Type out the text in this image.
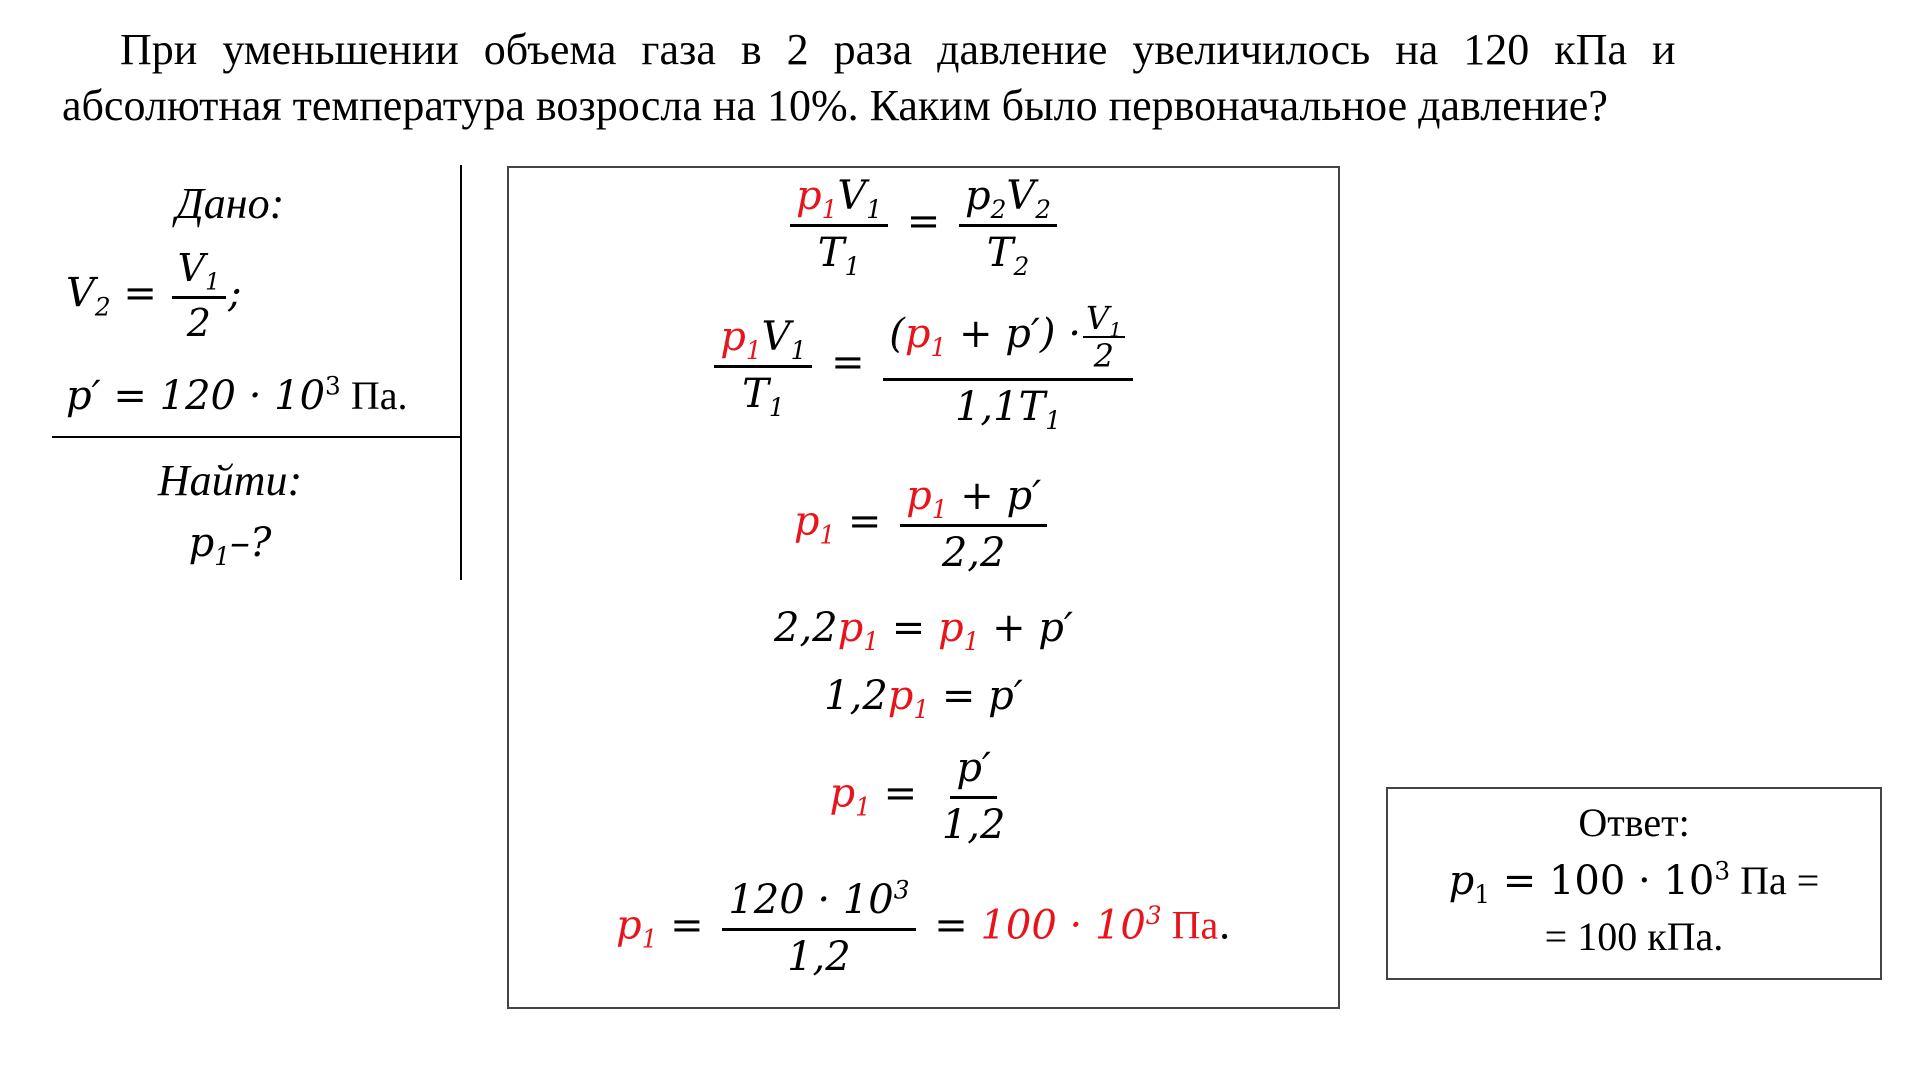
При уменьшении объема газа в 2 раза давление увеличилось на 120 кПа и

абсолютная температура возросла на 10%. Каким было первоначальное давление?

Дано:
$V_2 = \frac{V_1}{2}$ ;
$p' = 120 \cdot 10^3$ Па.
Найти:
$p_1-$?
$\frac{p_1V_1}{T_1} = \frac{p_2V_2}{T_2}$
$\frac{p_1V_1}{T_1} = \frac{(p_1 + p') \cdot \frac{V_1}{2}}{1,1T_1}$
$p_1 = \frac{p_1 + p'}{2,2}$
$2,2p_1 = p_1 + p'$
$1,2p_1 = p'$
$p_1 = \frac{p'}{1,2}$
$p_1 = \frac{120 \cdot 10^3}{1,2} = 100 \cdot 10^3$ Па.
Ответ:
$p_1 = 100 \cdot 10^3$ Па =
= 100 кПа.
